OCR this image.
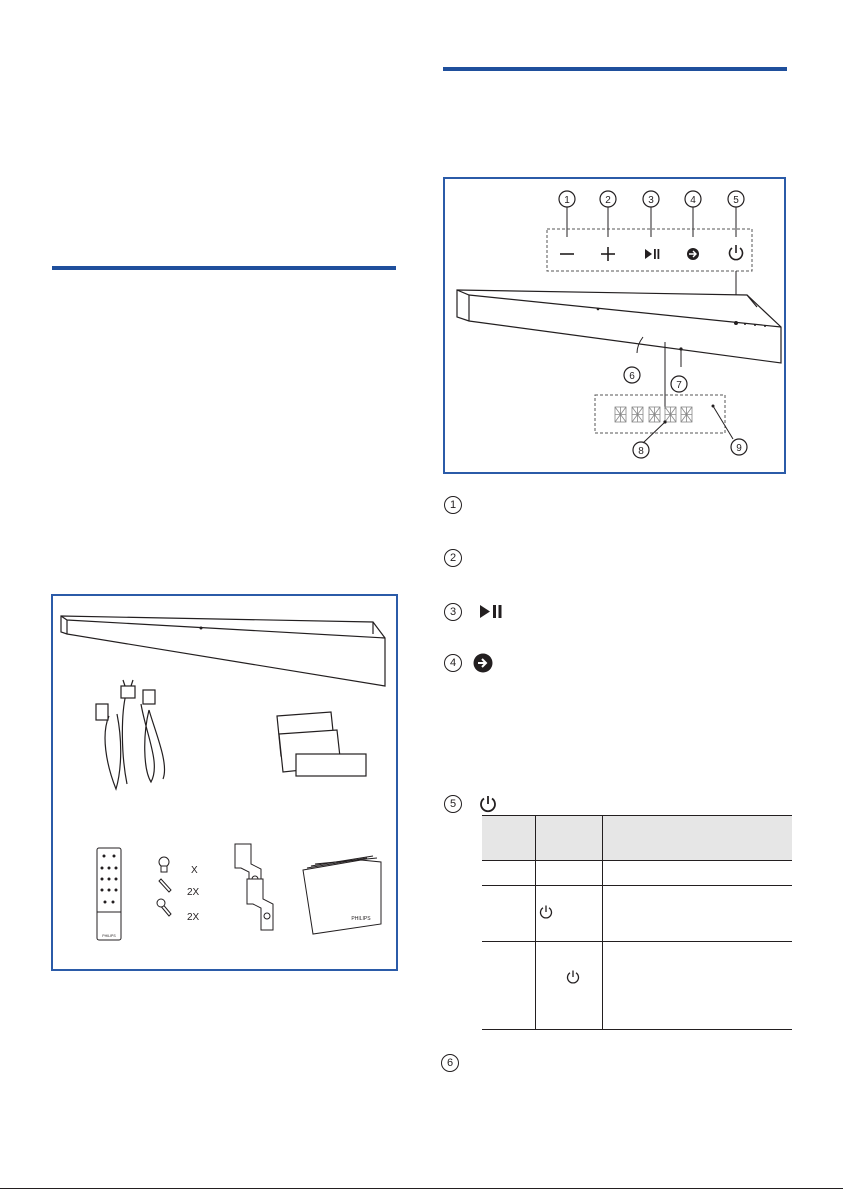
1	2	3	4	5
6
7
8	9
1
2
3
4
5
6
PHILIPS
X
2X
2X	PHILIPS
